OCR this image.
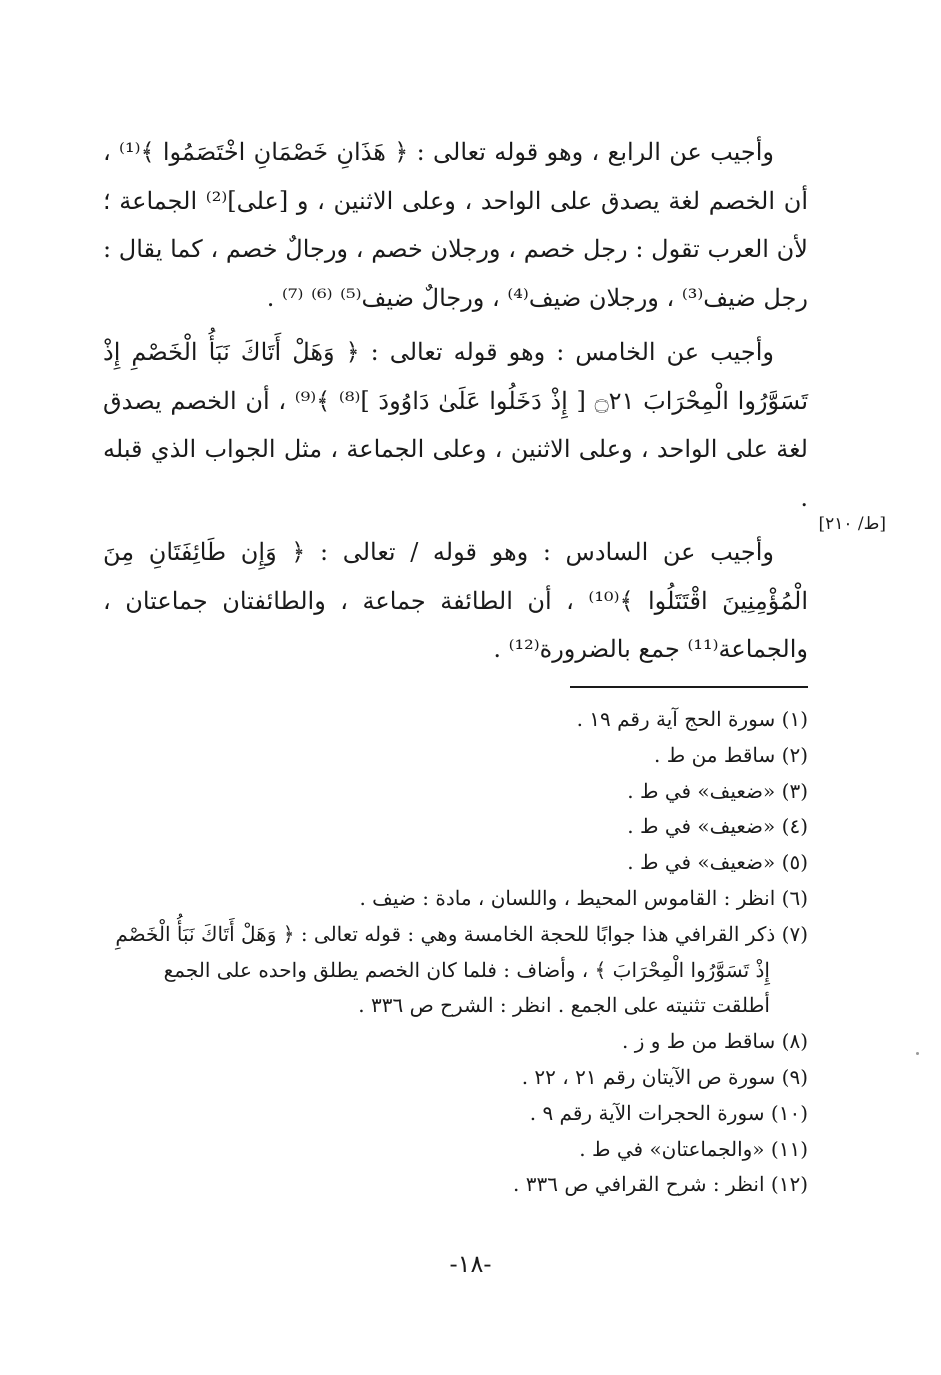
وأجيب عن الرابع ، وهو قوله تعالى : ﴿ هَذَانِ خَصْمَانِ اخْتَصَمُوا ﴾⁽¹⁾ ، أن الخصم لغة يصدق على الواحد ، وعلى الاثنين ، و [على]⁽²⁾ الجماعة ؛ لأن العرب تقول : رجل خصم ، ورجلان خصم ، ورجالٌ خصم ، كما يقال : رجل ضيف⁽³⁾ ، ورجلان ضيف⁽⁴⁾ ، ورجالٌ ضيف⁽⁵⁾ ⁽⁶⁾ ⁽⁷⁾ .

وأجيب عن الخامس : وهو قوله تعالى : ﴿ وَهَلْ أَتَاكَ نَبَأُ الْخَصْمِ إِذْ تَسَوَّرُوا الْمِحْرَابَ ۝٢١ [ إِذْ دَخَلُوا عَلَىٰ دَاوُودَ ]⁽⁸⁾ ﴾⁽⁹⁾ ، أن الخصم يصدق لغة على الواحد ، وعلى الاثنين ، وعلى الجماعة ، مثل الجواب الذي قبله .

وأجيب عن السادس : وهو قوله / تعالى : ﴿ وَإِن طَائِفَتَانِ مِنَ الْمُؤْمِنِينَ اقْتَتَلُوا ﴾⁽¹⁰⁾ ، أن الطائفة جماعة ، والطائفتان جماعتان ، والجماعة⁽¹¹⁾ جمع بالضرورة⁽¹²⁾ .

[ط/ ٢١٠]

(١) سورة الحج آية رقم ١٩ .

(٢) ساقط من ط .

(٣) «ضعيف» في ط .

(٤) «ضعيف» في ط .

(٥) «ضعيف» في ط .

(٦) انظر : القاموس المحيط ، واللسان ، مادة : ضيف .

(٧) ذكر القرافي هذا جوابًا للحجة الخامسة وهي : قوله تعالى : ﴿ وَهَلْ أَتَاكَ نَبَأُ الْخَصْمِ إِذْ تَسَوَّرُوا الْمِحْرَابَ ﴾ ، وأضاف : فلما كان الخصم يطلق واحده على الجمع أطلقت تثنيته على الجمع . انظر : الشرح ص ٣٣٦ .

(٨) ساقط من ط و ز .

(٩) سورة ص الآيتان رقم ٢١ ، ٢٢ .

(١٠) سورة الحجرات الآية رقم ٩ .

(١١) «والجماعتان» في ط .

(١٢) انظر : شرح القرافي ص ٣٣٦ .

-١٨-
